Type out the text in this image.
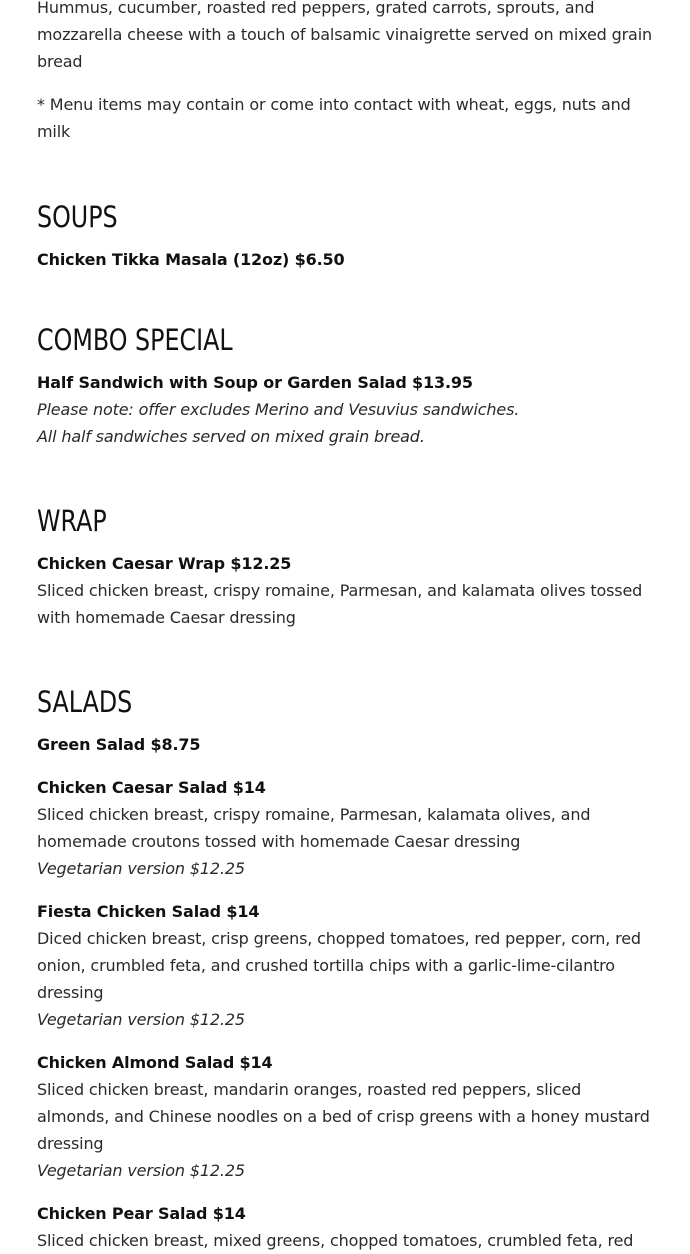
Hummus, cucumber, roasted red peppers, grated carrots, sprouts, and mozzarella cheese with a touch of balsamic vinaigrette served on mixed grain bread

* Menu items may contain or come into contact with wheat, eggs, nuts and milk

SOUPS

Chicken Tikka Masala (12oz) $6.50

COMBO SPECIAL

Half Sandwich with Soup or Garden Salad $13.95

Please note: offer excludes Merino and Vesuvius sandwiches.

All half sandwiches served on mixed grain bread.

WRAP

Chicken Caesar Wrap $12.25

Sliced chicken breast, crispy romaine, Parmesan, and kalamata olives tossed with homemade Caesar dressing

SALADS

Green Salad $8.75

Chicken Caesar Salad $14

Sliced chicken breast, crispy romaine, Parmesan, kalamata olives, and homemade croutons tossed with homemade Caesar dressing

Vegetarian version $12.25

Fiesta Chicken Salad $14

Diced chicken breast, crisp greens, chopped tomatoes, red pepper, corn, red onion, crumbled feta, and crushed tortilla chips with a garlic-lime-cilantro dressing

Vegetarian version $12.25

Chicken Almond Salad $14

Sliced chicken breast, mandarin oranges, roasted red peppers, sliced almonds, and Chinese noodles on a bed of crisp greens with a honey mustard dressing

Vegetarian version $12.25

Chicken Pear Salad $14

Sliced chicken breast, mixed greens, chopped tomatoes, crumbled feta, red
